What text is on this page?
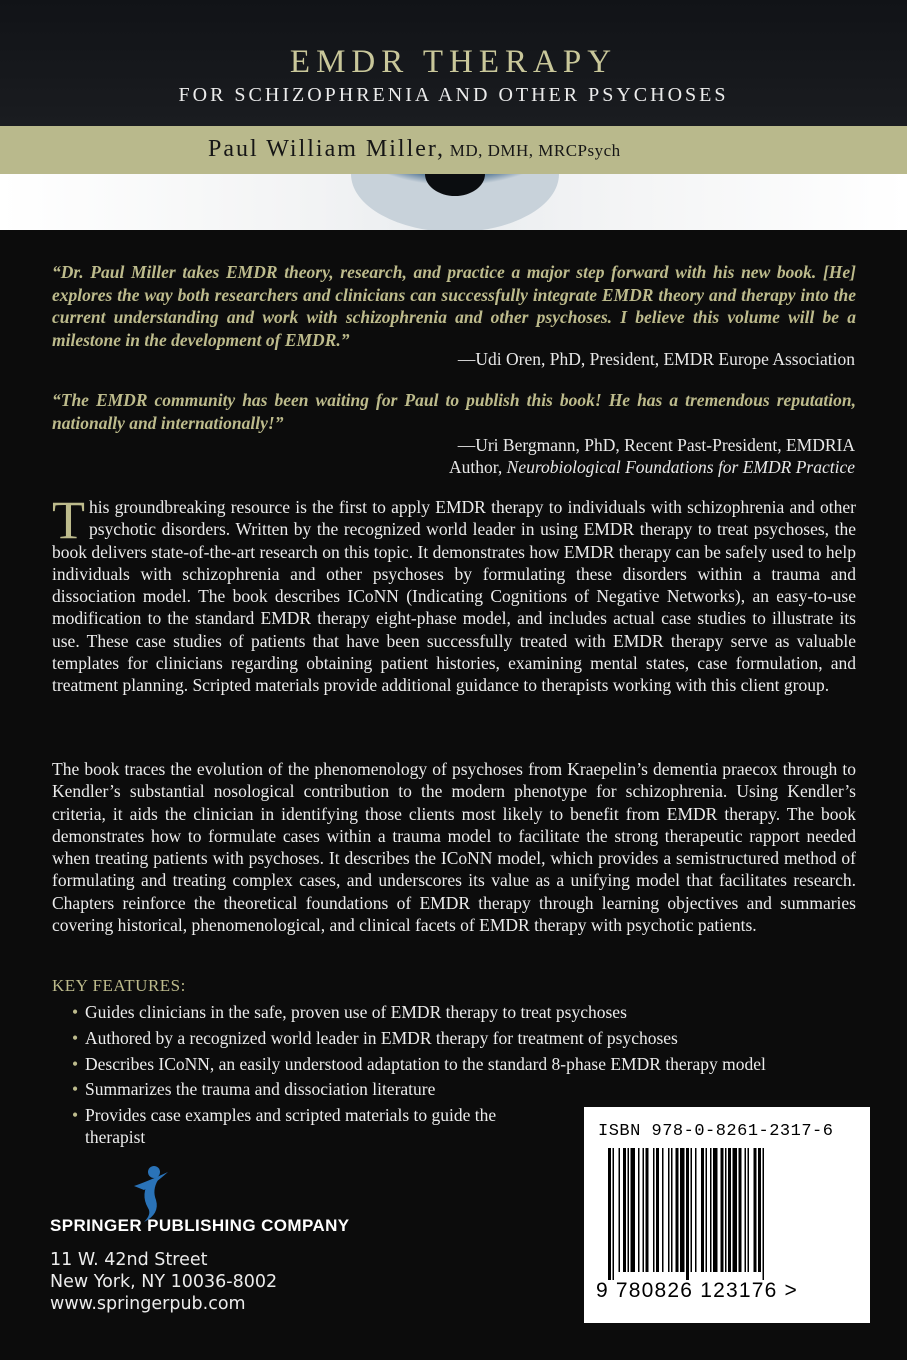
EMDR THERAPY
FOR SCHIZOPHRENIA AND OTHER PSYCHOSES
Paul William Miller, MD, DMH, MRCPsych
“Dr. Paul Miller takes EMDR theory, research, and practice a major step forward with his new book. [He] explores the way both researchers and clinicians can successfully integrate EMDR theory and therapy into the current understanding and work with schizophrenia and other psychoses. I believe this volume will be a milestone in the development of EMDR.”
—Udi Oren, PhD, President, EMDR Europe Association
“The EMDR community has been waiting for Paul to publish this book! He has a tremendous reputation, nationally and internationally!”
—Uri Bergmann, PhD, Recent Past-President, EMDRIA
Author, Neurobiological Foundations for EMDR Practice
This groundbreaking resource is the first to apply EMDR therapy to individuals with schizophrenia and other psychotic disorders. Written by the recognized world leader in using EMDR therapy to treat psychoses, the book delivers state-of-the-art research on this topic. It demonstrates how EMDR therapy can be safely used to help individuals with schizophrenia and other psychoses by formulating these disorders within a trauma and dissociation model. The book describes ICoNN (Indicating Cognitions of Negative Networks), an easy-to-use modification to the standard EMDR therapy eight-phase model, and includes actual case studies to illustrate its use. These case studies of patients that have been successfully treated with EMDR therapy serve as valuable templates for clinicians regarding obtaining patient histories, examining mental states, case formulation, and treatment planning. Scripted materials provide additional guidance to therapists working with this client group.
The book traces the evolution of the phenomenology of psychoses from Kraepelin’s dementia praecox through to Kendler’s substantial nosological contribution to the modern phenotype for schizophrenia. Using Kendler’s criteria, it aids the clinician in identifying those clients most likely to benefit from EMDR therapy. The book demonstrates how to formulate cases within a trauma model to facilitate the strong therapeutic rapport needed when treating patients with psychoses. It describes the ICoNN model, which provides a semistructured method of formulating and treating complex cases, and underscores its value as a unifying model that facilitates research. Chapters reinforce the theoretical foundations of EMDR therapy through learning objectives and summaries covering historical, phenomenological, and clinical facets of EMDR therapy with psychotic patients.
KEY FEATURES:
• Guides clinicians in the safe, proven use of EMDR therapy to treat psychoses
• Authored by a recognized world leader in EMDR therapy for treatment of psychoses
• Describes ICoNN, an easily understood adaptation to the standard 8-phase EMDR therapy model
• Summarizes the trauma and dissociation literature
• Provides case examples and scripted materials to guide the therapist
SPRINGER PUBLISHING COMPANY
11 W. 42nd Street
New York, NY 10036-8002
www.springerpub.com
ISBN 978-0-8261-2317-6
9 780826 123176 >
